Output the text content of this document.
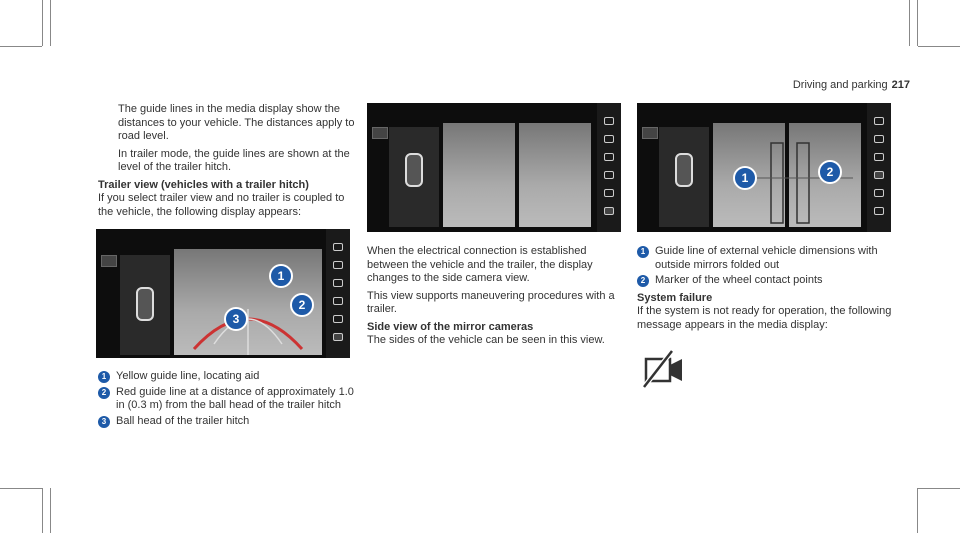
Driving and parking 217

The guide lines in the media display show the distances to your vehicle. The distances apply to road level.

In trailer mode, the guide lines are shown at the level of the trailer hitch.

Trailer view (vehicles with a trailer hitch)

If you select trailer view and no trailer is coupled to the vehicle, the following display appears:

1
2
3
1 Yellow guide line, locating aid
2 Red guide line at a distance of approximately 1.0 in (0.3 m) from the ball head of the trailer hitch
3 Ball head of the trailer hitch

When the electrical connection is established between the vehicle and the trailer, the display changes to the side camera view.

This view supports maneuvering procedures with a trailer.

Side view of the mirror cameras

The sides of the vehicle can be seen in this view.

1	2
1 Guide line of external vehicle dimensions with outside mirrors folded out
2 Marker of the wheel contact points
System failure

If the system is not ready for operation, the following message appears in the media display:
